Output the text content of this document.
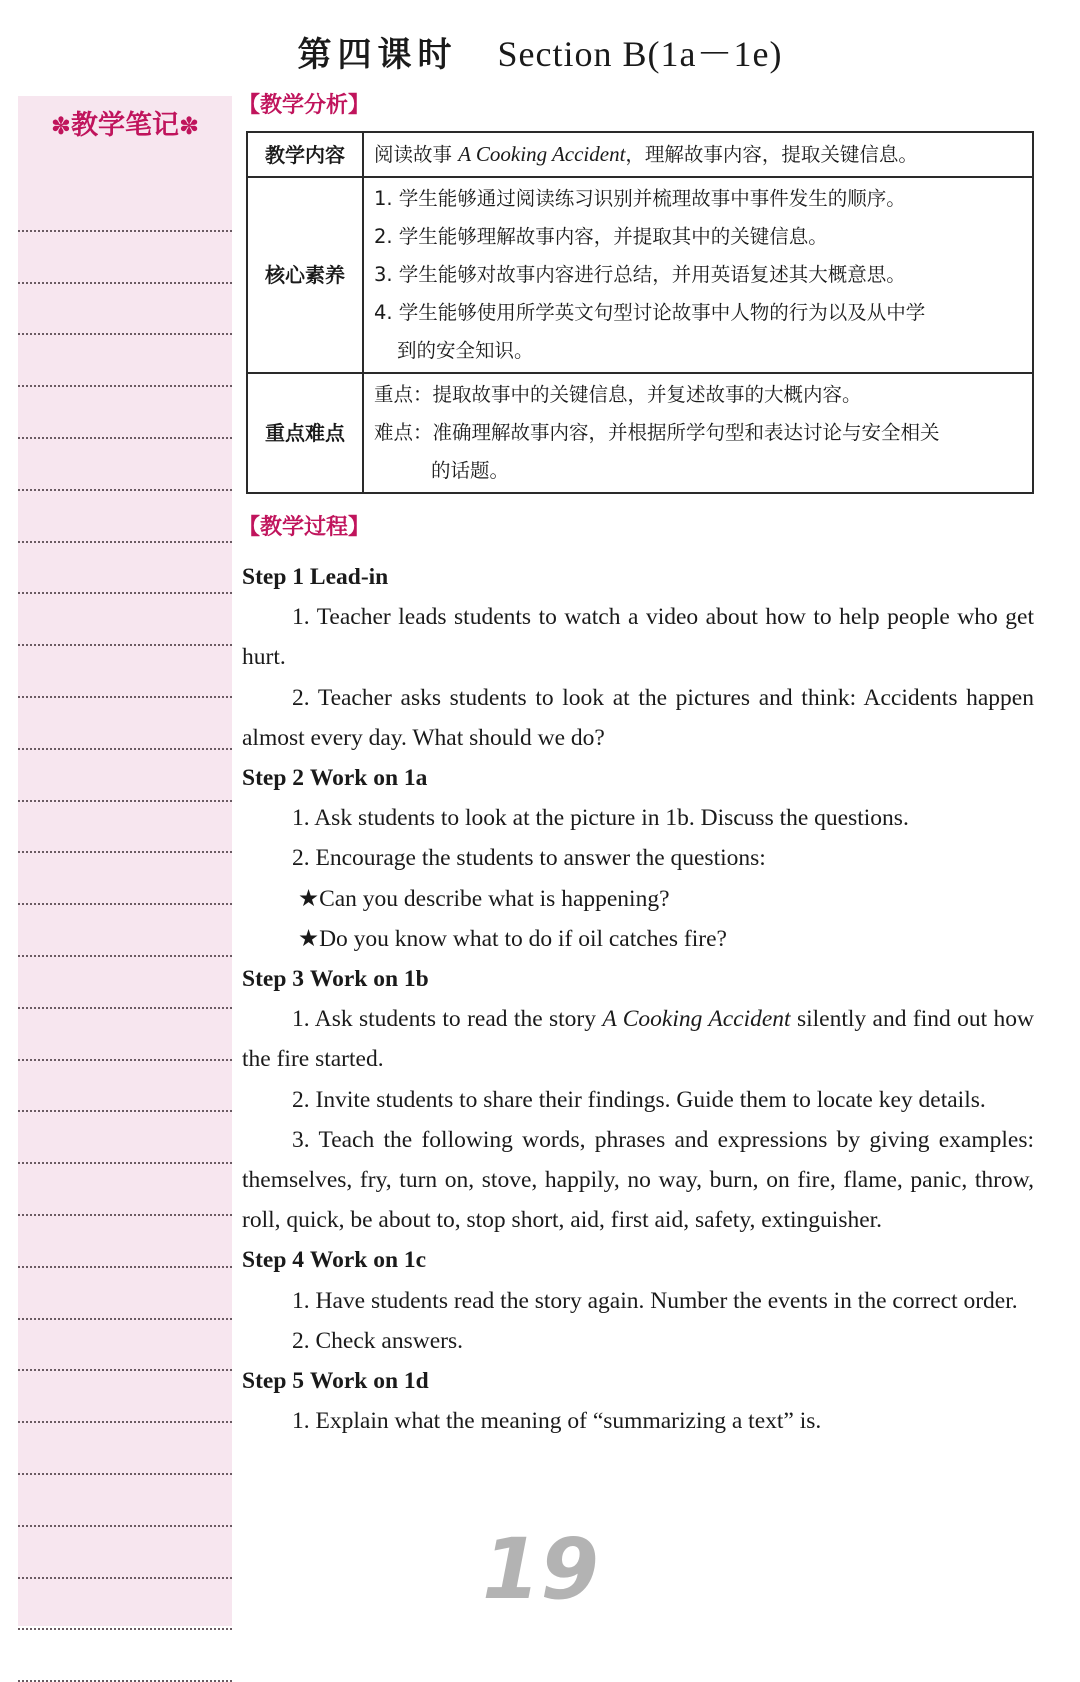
第四课时 Section B(1a－1e)
✽教学笔记✽
【教学分析】
教学内容	阅读故事 A Cooking Accident，理解故事内容，提取关键信息。
核心素养	1. 学生能够通过阅读练习识别并梳理故事中事件发生的顺序。
2. 学生能够理解故事内容，并提取其中的关键信息。
3. 学生能够对故事内容进行总结，并用英语复述其大概意思。
4. 学生能够使用所学英文句型讨论故事中人物的行为以及从中学
到的安全知识。

重点难点	重点：提取故事中的关键信息，并复述故事的大概内容。
难点：准确理解故事内容，并根据所学句型和表达讨论与安全相关
的话题。
【教学过程】
Step 1 Lead-in
1. Teacher leads students to watch a video about how to help people who get hurt.
2. Teacher asks students to look at the pictures and think: Accidents happen almost every day. What should we do?
Step 2 Work on 1a
1. Ask students to look at the picture in 1b. Discuss the questions.
2. Encourage the students to answer the questions:
★Can you describe what is happening?
★Do you know what to do if oil catches fire?
Step 3 Work on 1b
1. Ask students to read the story A Cooking Accident silently and find out how the fire started.
2. Invite students to share their findings. Guide them to locate key details.
3. Teach the following words, phrases and expressions by giving examples: themselves, fry, turn on, stove, happily, no way, burn, on fire, flame, panic, throw, roll, quick, be about to, stop short, aid, first aid, safety, extinguisher.
Step 4 Work on 1c
1. Have students read the story again. Number the events in the correct order.
2. Check answers.
Step 5 Work on 1d
1. Explain what the meaning of “summarizing a text” is.
19
